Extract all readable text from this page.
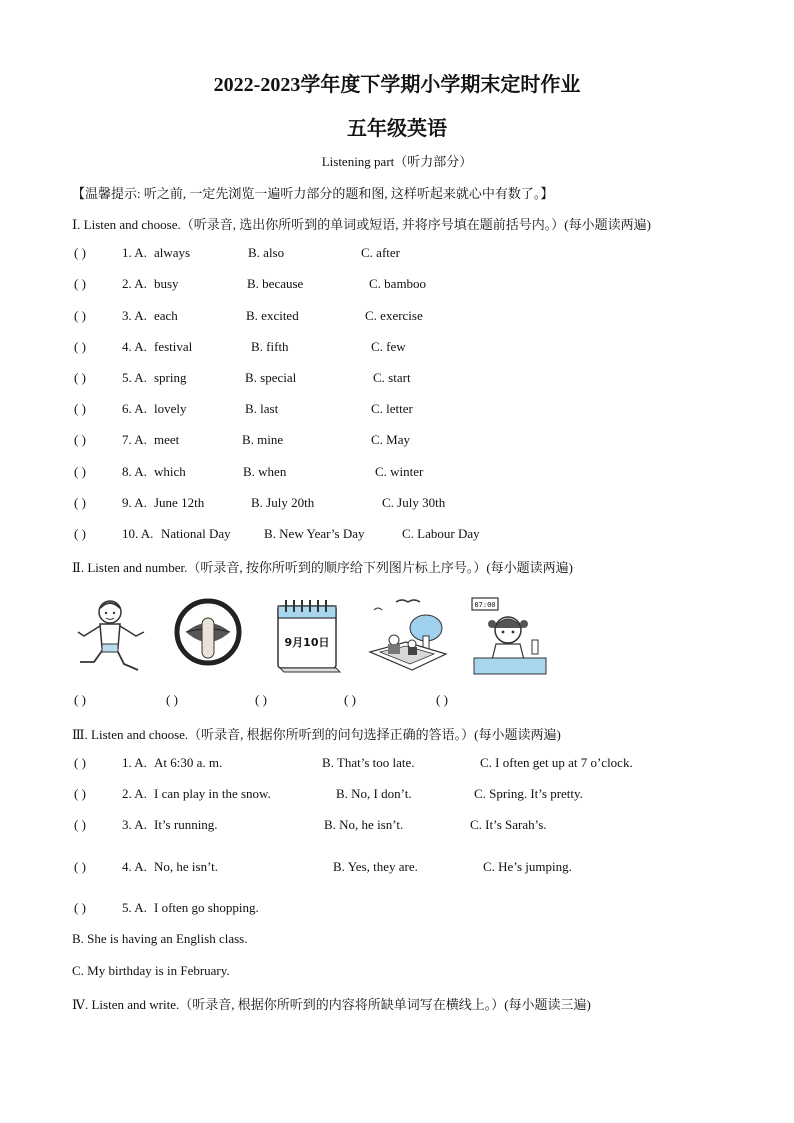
2022-2023学年度下学期小学期末定时作业
五年级英语
Listening part（听力部分）
【温馨提示: 听之前, 一定先浏览一遍听力部分的题和图, 这样听起来就心中有数了。】
Ⅰ. Listen and choose.（听录音, 选出你所听到的单词或短语, 并将序号填在题前括号内。）(每小题读两遍)
( )	1. A. always	B. also	C. after
( )	2. A. busy	B. because	C. bamboo
( )	3. A. each	B. excited	C. exercise
( )	4. A. festival	B. fifth	C. few
( )	5. A. spring	B. special	C. start
( )	6. A. lovely	B. last	C. letter
( )	7. A. meet	B. mine	C. May
( )	8. A. which	B. when	C. winter
( )	9. A. June 12th	B. July 20th	C. July 30th
( )	10. A. National Day	B. New Year’s Day	C. Labour Day
Ⅱ. Listen and number.（听录音, 按你所听到的顺序给下列图片标上序号。）(每小题读两遍)
9月10日
07:00
( )	( )	( )	( )	( )
Ⅲ. Listen and choose.（听录音, 根据你所听到的问句选择正确的答语。）(每小题读两遍)
( )	1. A. At 6:30 a. m.	B. That’s too late.	C. I often get up at 7 o’clock.
( )	2. A. I can play in the snow.	B. No, I don’t.	C. Spring. It’s pretty.
( )	3. A. It’s running.	B. No, he isn’t.	C. It’s Sarah’s.
( )	4. A. No, he isn’t.	B. Yes, they are.	C. He’s jumping.
( )	5. A. I often go shopping.
B. She is having an English class.
C. My birthday is in February.
Ⅳ. Listen and write.（听录音, 根据你所听到的内容将所缺单词写在横线上。）(每小题读三遍)
